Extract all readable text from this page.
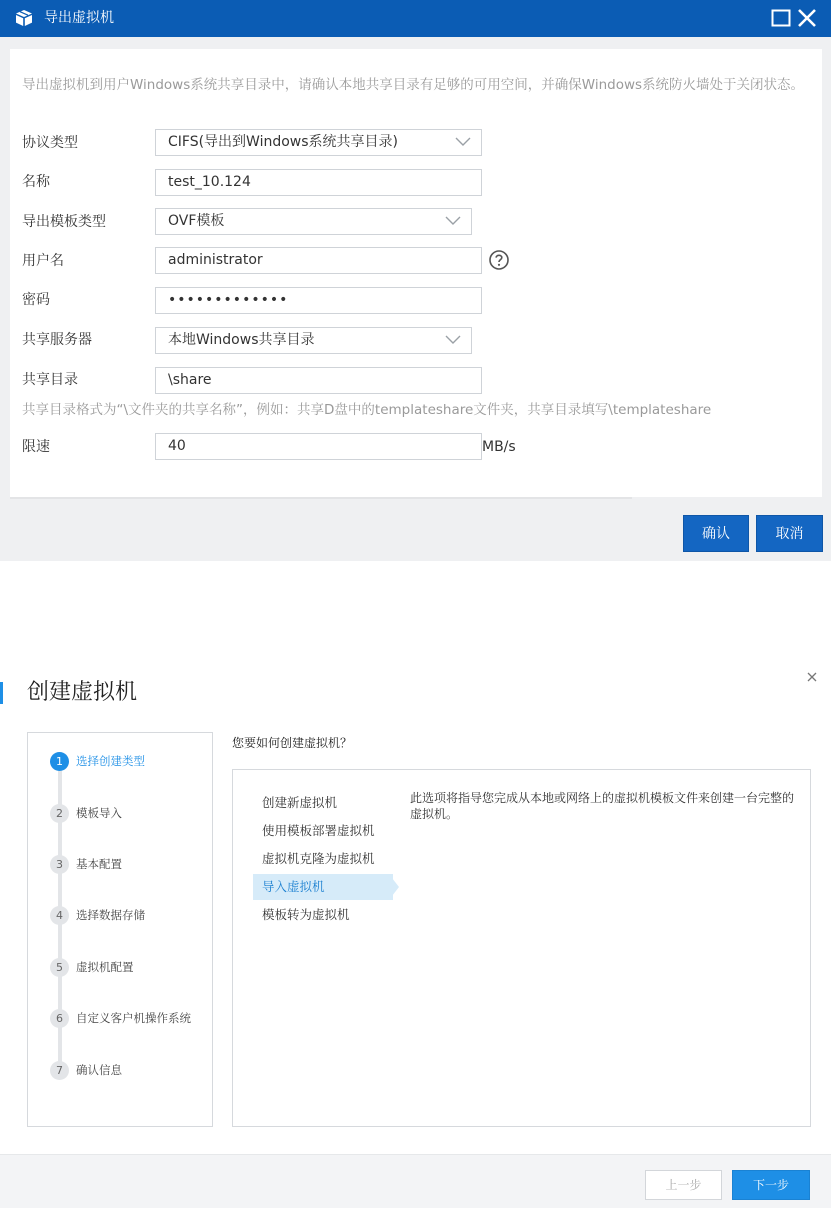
导出虚拟机
导出虚拟机到用户Windows系统共享目录中，请确认本地共享目录有足够的可用空间，并确保Windows系统防火墙处于关闭状态。
协议类型	CIFS(导出到Windows系统共享目录)
名称	test_10.124
导出模板类型	OVF模板
用户名	administrator
密码	•••••••••••••
共享服务器	本地Windows共享目录
共享目录	\share
共享目录格式为“\文件夹的共享名称”，例如：共享D盘中的templateshare文件夹，共享目录填写\templateshare
限速	40	MB/s
确认	取消
创建虚拟机
1	选择创建类型
2	模板导入
3	基本配置
4	选择数据存储
5	虚拟机配置
6	自定义客户机操作系统
7	确认信息
您要如何创建虚拟机？
创建新虚拟机
使用模板部署虚拟机
虚拟机克隆为虚拟机
导入虚拟机
模板转为虚拟机
此选项将指导您完成从本地或网络上的虚拟机模板文件来创建一台完整的虚拟机。
上一步	下一步
